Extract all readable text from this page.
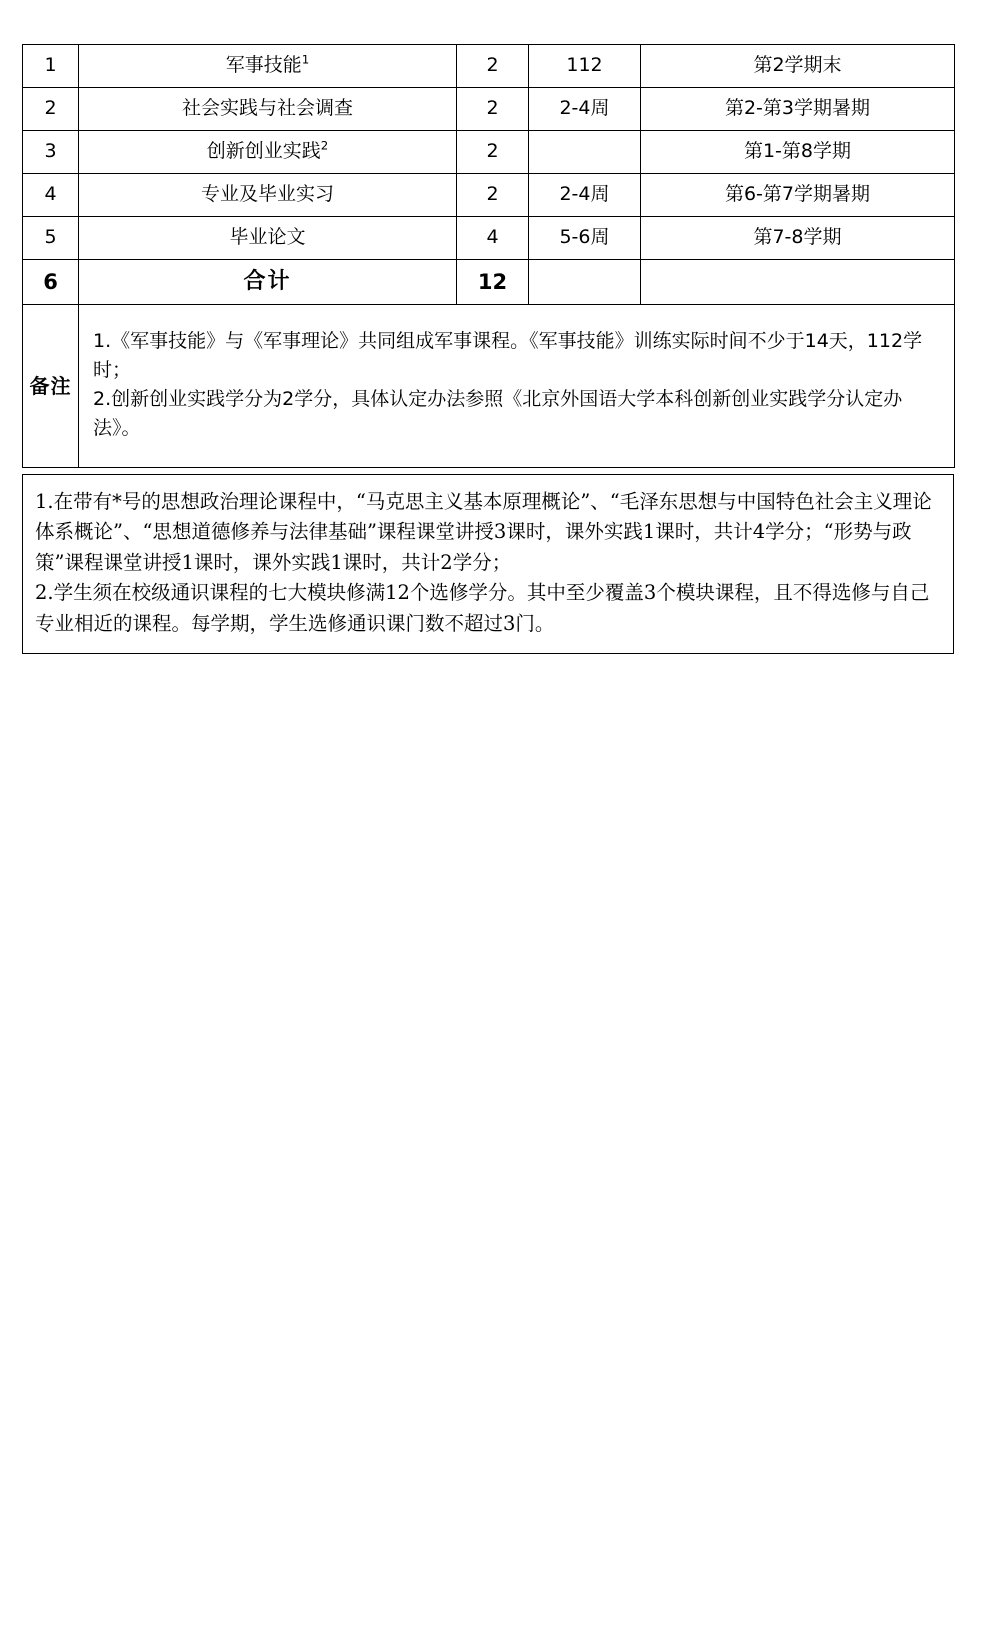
1	军事技能$^1$	2	112	第2学期末
2	社会实践与社会调查	2	2-4周	第2-第3学期暑期
3	创新创业实践$^2$	2		第1-第8学期
4	专业及毕业实习	2	2-4周	第6-第7学期暑期
5	毕业论文	4	5-6周	第7-8学期
6	合计	12		
备注	1.《军事技能》与《军事理论》共同组成军事课程。《军事技能》训练实际时间不少于14天，112学时；

2.创新创业实践学分为2学分，具体认定办法参照《北京外国语大学本科创新创业实践学分认定办法》。			

1.在带有*号的思想政治理论课程中，“马克思主义基本原理概论”、“毛泽东思想与中国特色社会主义理论体系概论”、“思想道德修养与法律基础”课程课堂讲授3课时，课外实践1课时，共计4学分；“形势与政策”课程课堂讲授1课时，课外实践1课时，共计2学分；

2.学生须在校级通识课程的七大模块修满12个选修学分。其中至少覆盖3个模块课程，且不得选修与自己专业相近的课程。每学期，学生选修通识课门数不超过3门。
